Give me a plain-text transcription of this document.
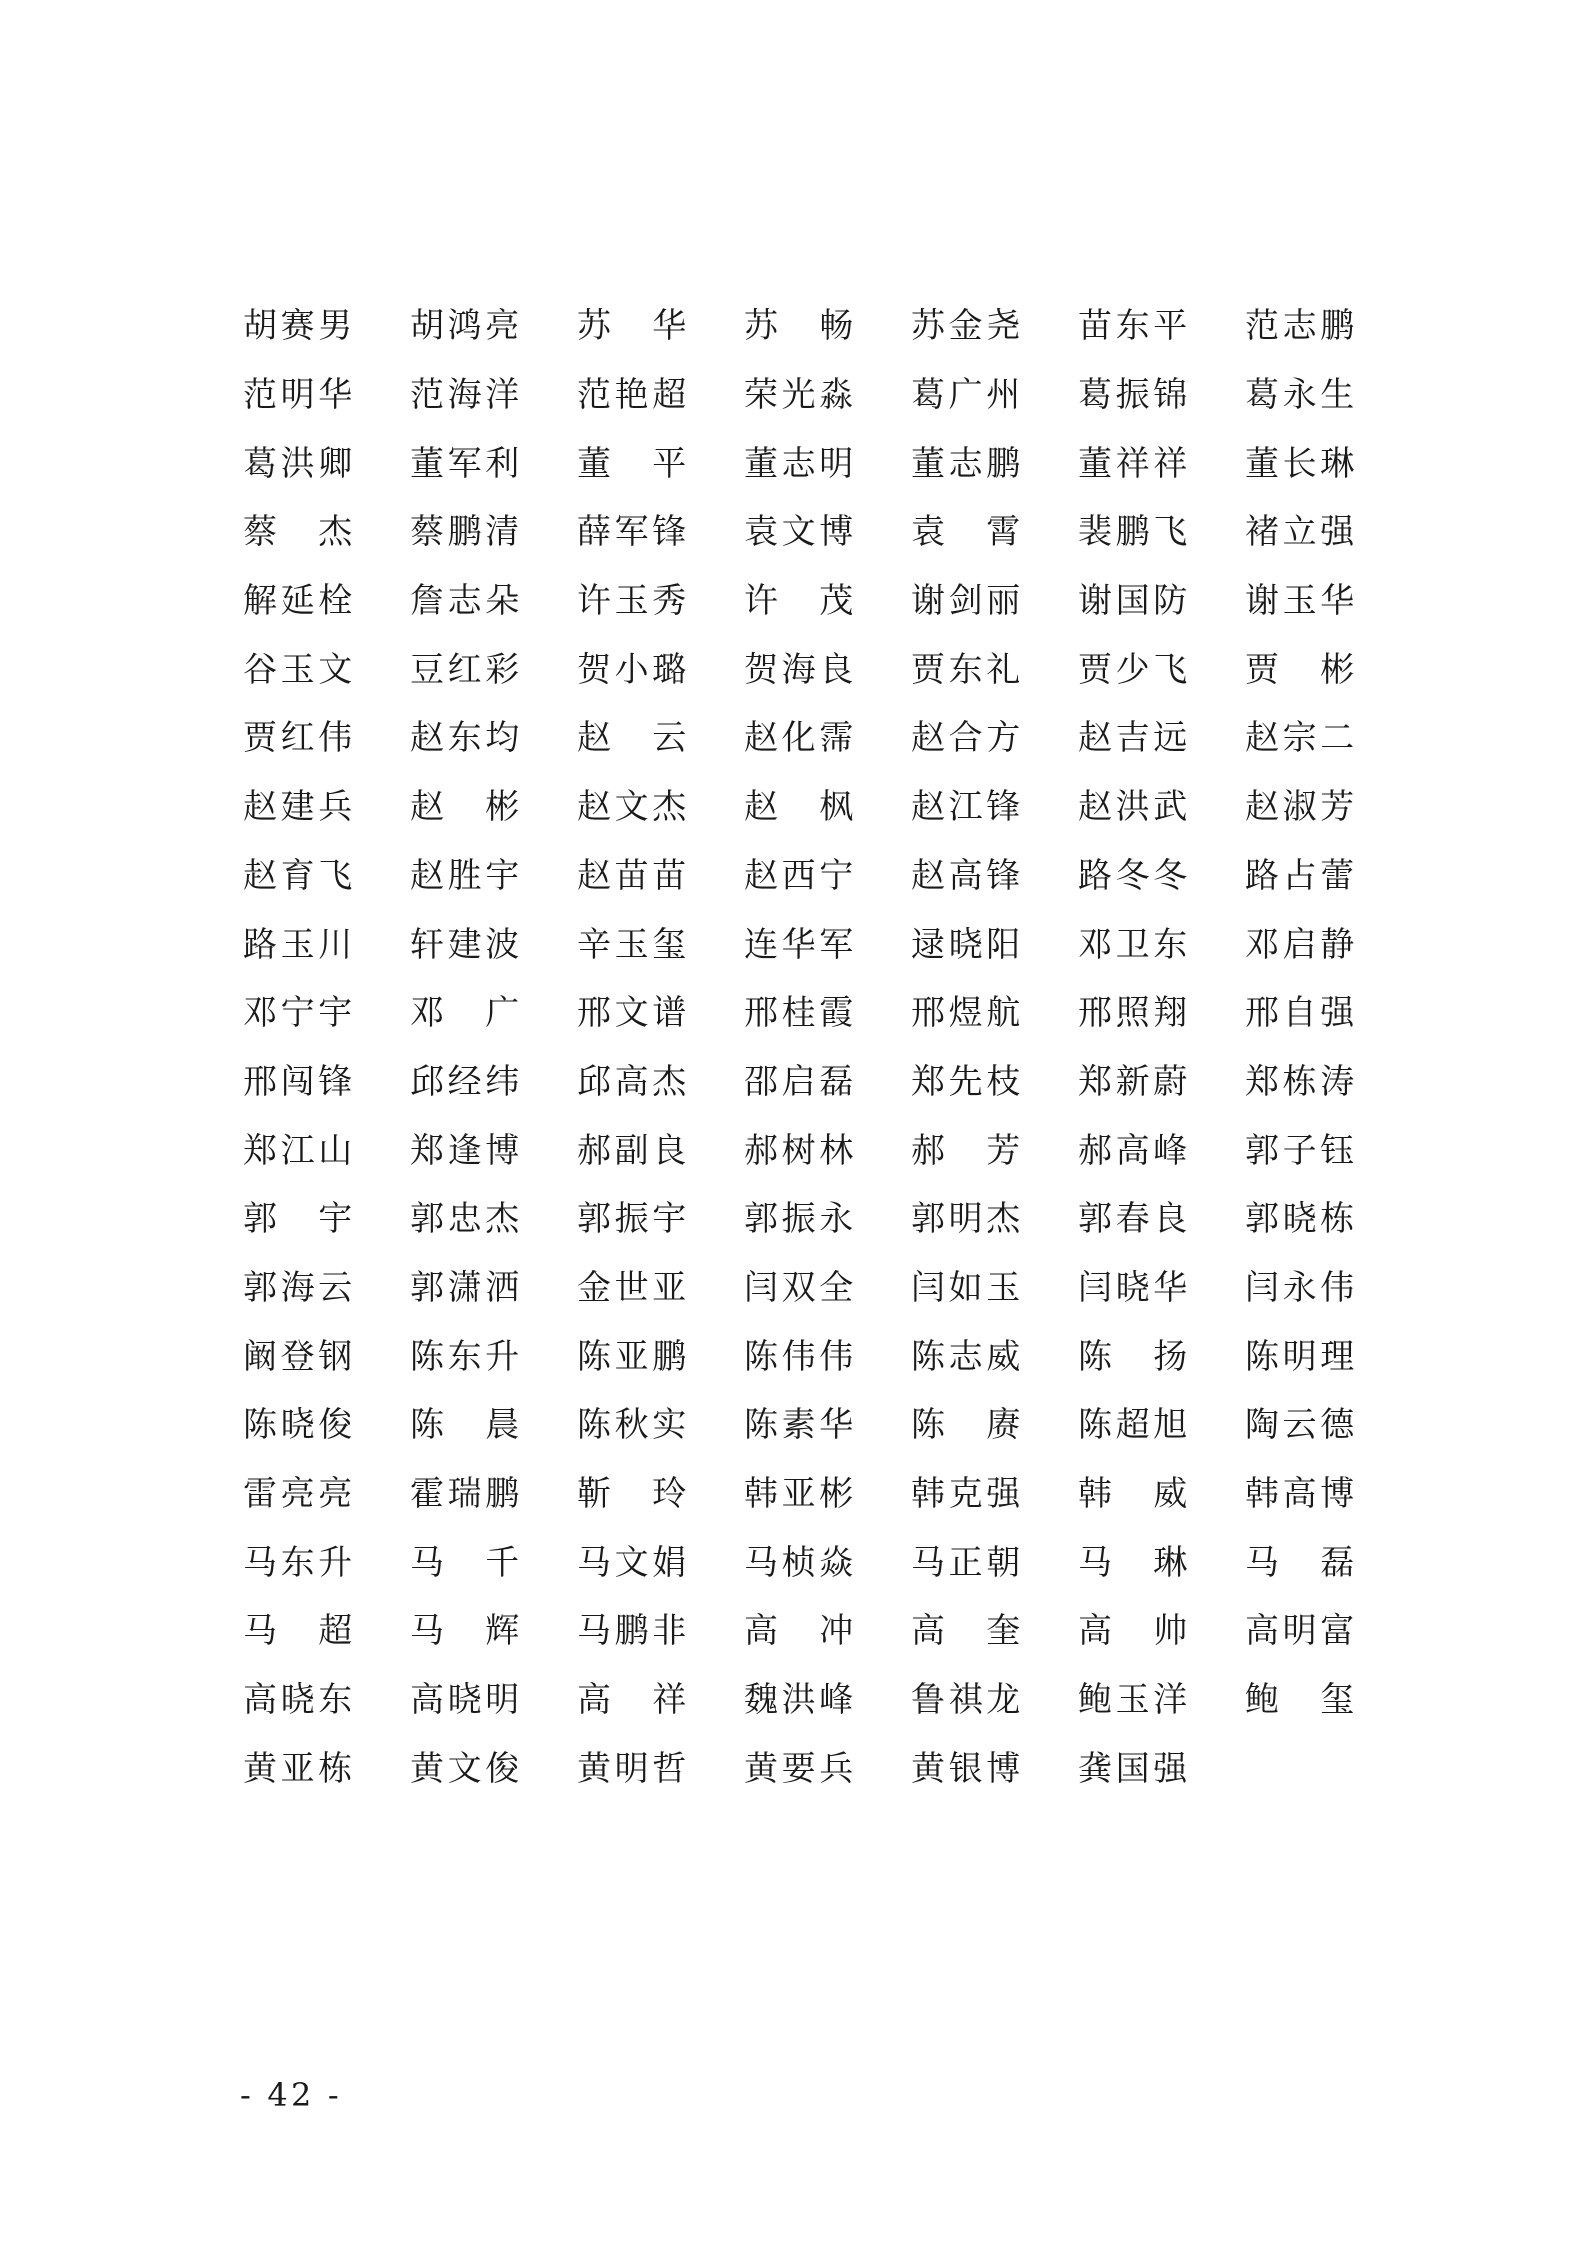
胡赛男 胡鸿亮 苏 华 苏 畅 苏金尧 苗东平 范志鹏
范明华 范海洋 范艳超 荣光淼 葛广州 葛振锦 葛永生
葛洪卿 董军利 董 平 董志明 董志鹏 董祥祥 董长琳
蔡 杰 蔡鹏清 薛军锋 袁文博 袁 霄 裴鹏飞 褚立强
解延栓 詹志朵 许玉秀 许 茂 谢剑丽 谢国防 谢玉华
谷玉文 豆红彩 贺小璐 贺海良 贾东礼 贾少飞 贾 彬
贾红伟 赵东均 赵 云 赵化霈 赵合方 赵吉远 赵宗二
赵建兵 赵 彬 赵文杰 赵 枫 赵江锋 赵洪武 赵淑芳
赵育飞 赵胜宇 赵苗苗 赵西宁 赵高锋 路冬冬 路占蕾
路玉川 轩建波 辛玉玺 连华军 逯晓阳 邓卫东 邓启静
邓宁宇 邓 广 邢文谱 邢桂霞 邢煜航 邢照翔 邢自强
邢闯锋 邱经纬 邱高杰 邵启磊 郑先枝 郑新蔚 郑栋涛
郑江山 郑逢博 郝副良 郝树林 郝 芳 郝高峰 郭子钰
郭 宇 郭忠杰 郭振宇 郭振永 郭明杰 郭春良 郭晓栋
郭海云 郭潇洒 金世亚 闫双全 闫如玉 闫晓华 闫永伟
阚登钢 陈东升 陈亚鹏 陈伟伟 陈志威 陈 扬 陈明理
陈晓俊 陈 晨 陈秋实 陈素华 陈 赓 陈超旭 陶云德
雷亮亮 霍瑞鹏 靳 玲 韩亚彬 韩克强 韩 威 韩高博
马东升 马 千 马文娟 马桢焱 马正朝 马 琳 马 磊
马 超 马 辉 马鹏非 高 冲 高 奎 高 帅 高明富
高晓东 高晓明 高 祥 魏洪峰 鲁祺龙 鲍玉洋 鲍 玺
黄亚栋 黄文俊 黄明哲 黄要兵 黄银博 龚国强
- 42 -
